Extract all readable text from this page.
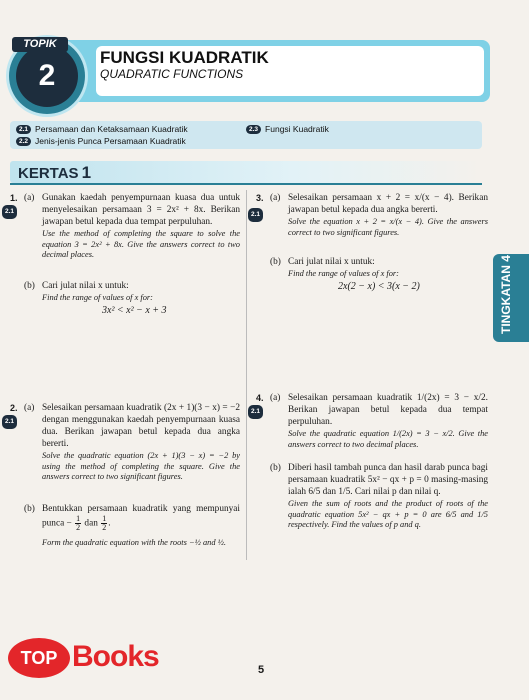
2
TOPIK
FUNGSI KUADRATIK
QUADRATIC FUNCTIONS
2.1 Persamaan dan Ketaksamaan Kuadratik
2.2 Jenis-jenis Punca Persamaan Kuadratik
2.3 Fungsi Kuadratik
KERTAS 1
1.
2.1
(a) Gunakan kaedah penyempurnaan kuasa dua untuk menyelesaikan persamaan 3 = 2x² + 8x. Berikan jawapan betul kepada dua tempat perpuluhan.
Use the method of completing the square to solve the equation 3 = 2x² + 8x. Give the answers correct to two decimal places.
(b) Cari julat nilai x untuk:
Find the range of values of x for:
3x² < x² − x + 3
2.
2.1
(a) Selesaikan persamaan kuadratik (2x + 1)(3 − x) = −2 dengan menggunakan kaedah penyempurnaan kuasa dua. Berikan jawapan betul kepada dua angka bererti.
Solve the quadratic equation (2x + 1)(3 − x) = −2 by using the method of completing the square. Give the answers correct to two significant figures.
(b) Bentukkan persamaan kuadratik yang mempunyai punca − $\frac{1}{2}$ dan $\frac{1}{2}$ .
Form the quadratic equation with the roots −½ and ½.
3.
2.1
(a) Selesaikan persamaan x + 2 = x/(x − 4). Berikan jawapan betul kepada dua angka bererti.
Solve the equation x + 2 = x/(x − 4). Give the answers correct to two significant figures.
(b) Cari julat nilai x untuk:
Find the range of values of x for:
2x(2 − x) < 3(x − 2)
4.
2.1
(a) Selesaikan persamaan kuadratik 1/(2x) = 3 − x/2. Berikan jawapan betul kepada dua tempat perpuluhan.
Solve the quadratic equation 1/(2x) = 3 − x/2. Give the answers correct to two decimal places.
(b) Diberi hasil tambah punca dan hasil darab punca bagi persamaan kuadratik 5x² − qx + p = 0 masing-masing ialah 6/5 dan 1/5. Cari nilai p dan nilai q.
Given the sum of roots and the product of roots of the quadratic equation 5x² − qx + p = 0 are 6/5 and 1/5 respectively. Find the values of p and q.
TINGKATAN 4
5
TOP Books
